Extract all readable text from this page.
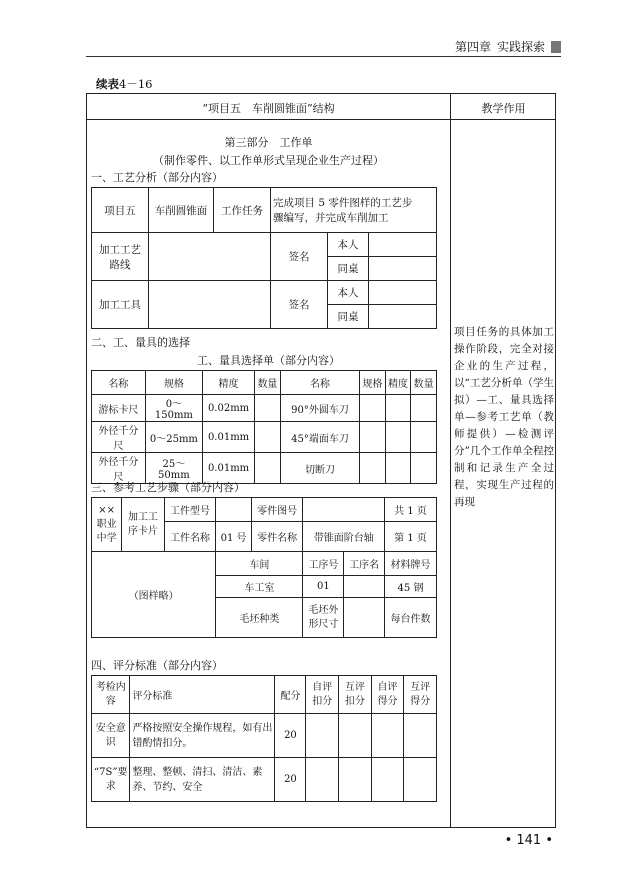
第四章 实践探索
续表4－16
“项目五　车削圆锥面”结构	教学作用
第三部分　工作单
（制作零件、以工作单形式呈现企业生产过程）
一、工艺分析（部分内容）
项目五	车削圆锥面	工作任务	完成项目 5 零件图样的工艺步
骤编写，并完成车削加工		

加工工艺
路线			签名	本人	
				同桌	
加工工具			签名	本人	
				同桌	
二、工、量具的选择
工、量具选择单（部分内容）
名称	规格	精度	数量	名称	规格	精度	数量
游标卡尺	0～150mm	0.02mm		90°外圆车刀			
外径千分尺	0～25mm	0.01mm		45°端面车刀			
外径千分尺	25～50mm	0.01mm		切断刀			
三、参考工艺步骤（部分内容）
××职业中学	加工工序卡片	工件型号		零件图号			共 1 页
		工件名称	01 号	零件名称	带锥面阶台轴		第 1 页
（图样略）			车间		工序号	工序名	材料牌号
			车工室		01		45 钢
			毛坯种类		毛坯外形尺寸		每台件数
四、评分标准（部分内容）
考检内容	评分标准	配分	自评扣分	互评扣分	自评得分	互评得分
安全意识	严格按照安全操作规程，如有出错酌情扣分。	20				
“7S”要求	整理、整顿、清扫、清洁、素养、节约、安全	20				
项目任务的具体加工操作阶段，完全对接企业的生产过程，以“工艺分析单（学生拟）—工、量具选择单—参考工艺单（教师提供）—检测评分”几个工作单全程控制和记录生产全过程，实现生产过程的再现
• 141 •
